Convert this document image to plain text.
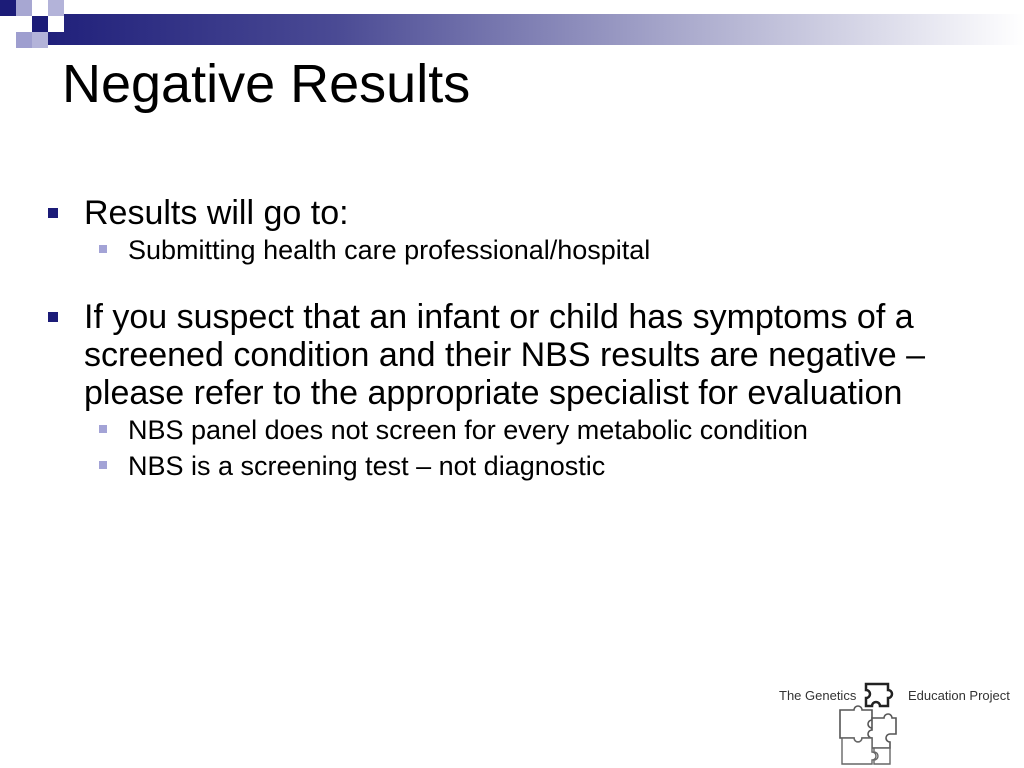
Negative Results
Results will go to:
Submitting health care professional/hospital
If you suspect that an infant or child has symptoms of a screened condition and their NBS results are negative – please refer to the appropriate specialist for evaluation
NBS panel does not screen for every metabolic condition
NBS is a screening test – not diagnostic
The Genetics	Education Project
